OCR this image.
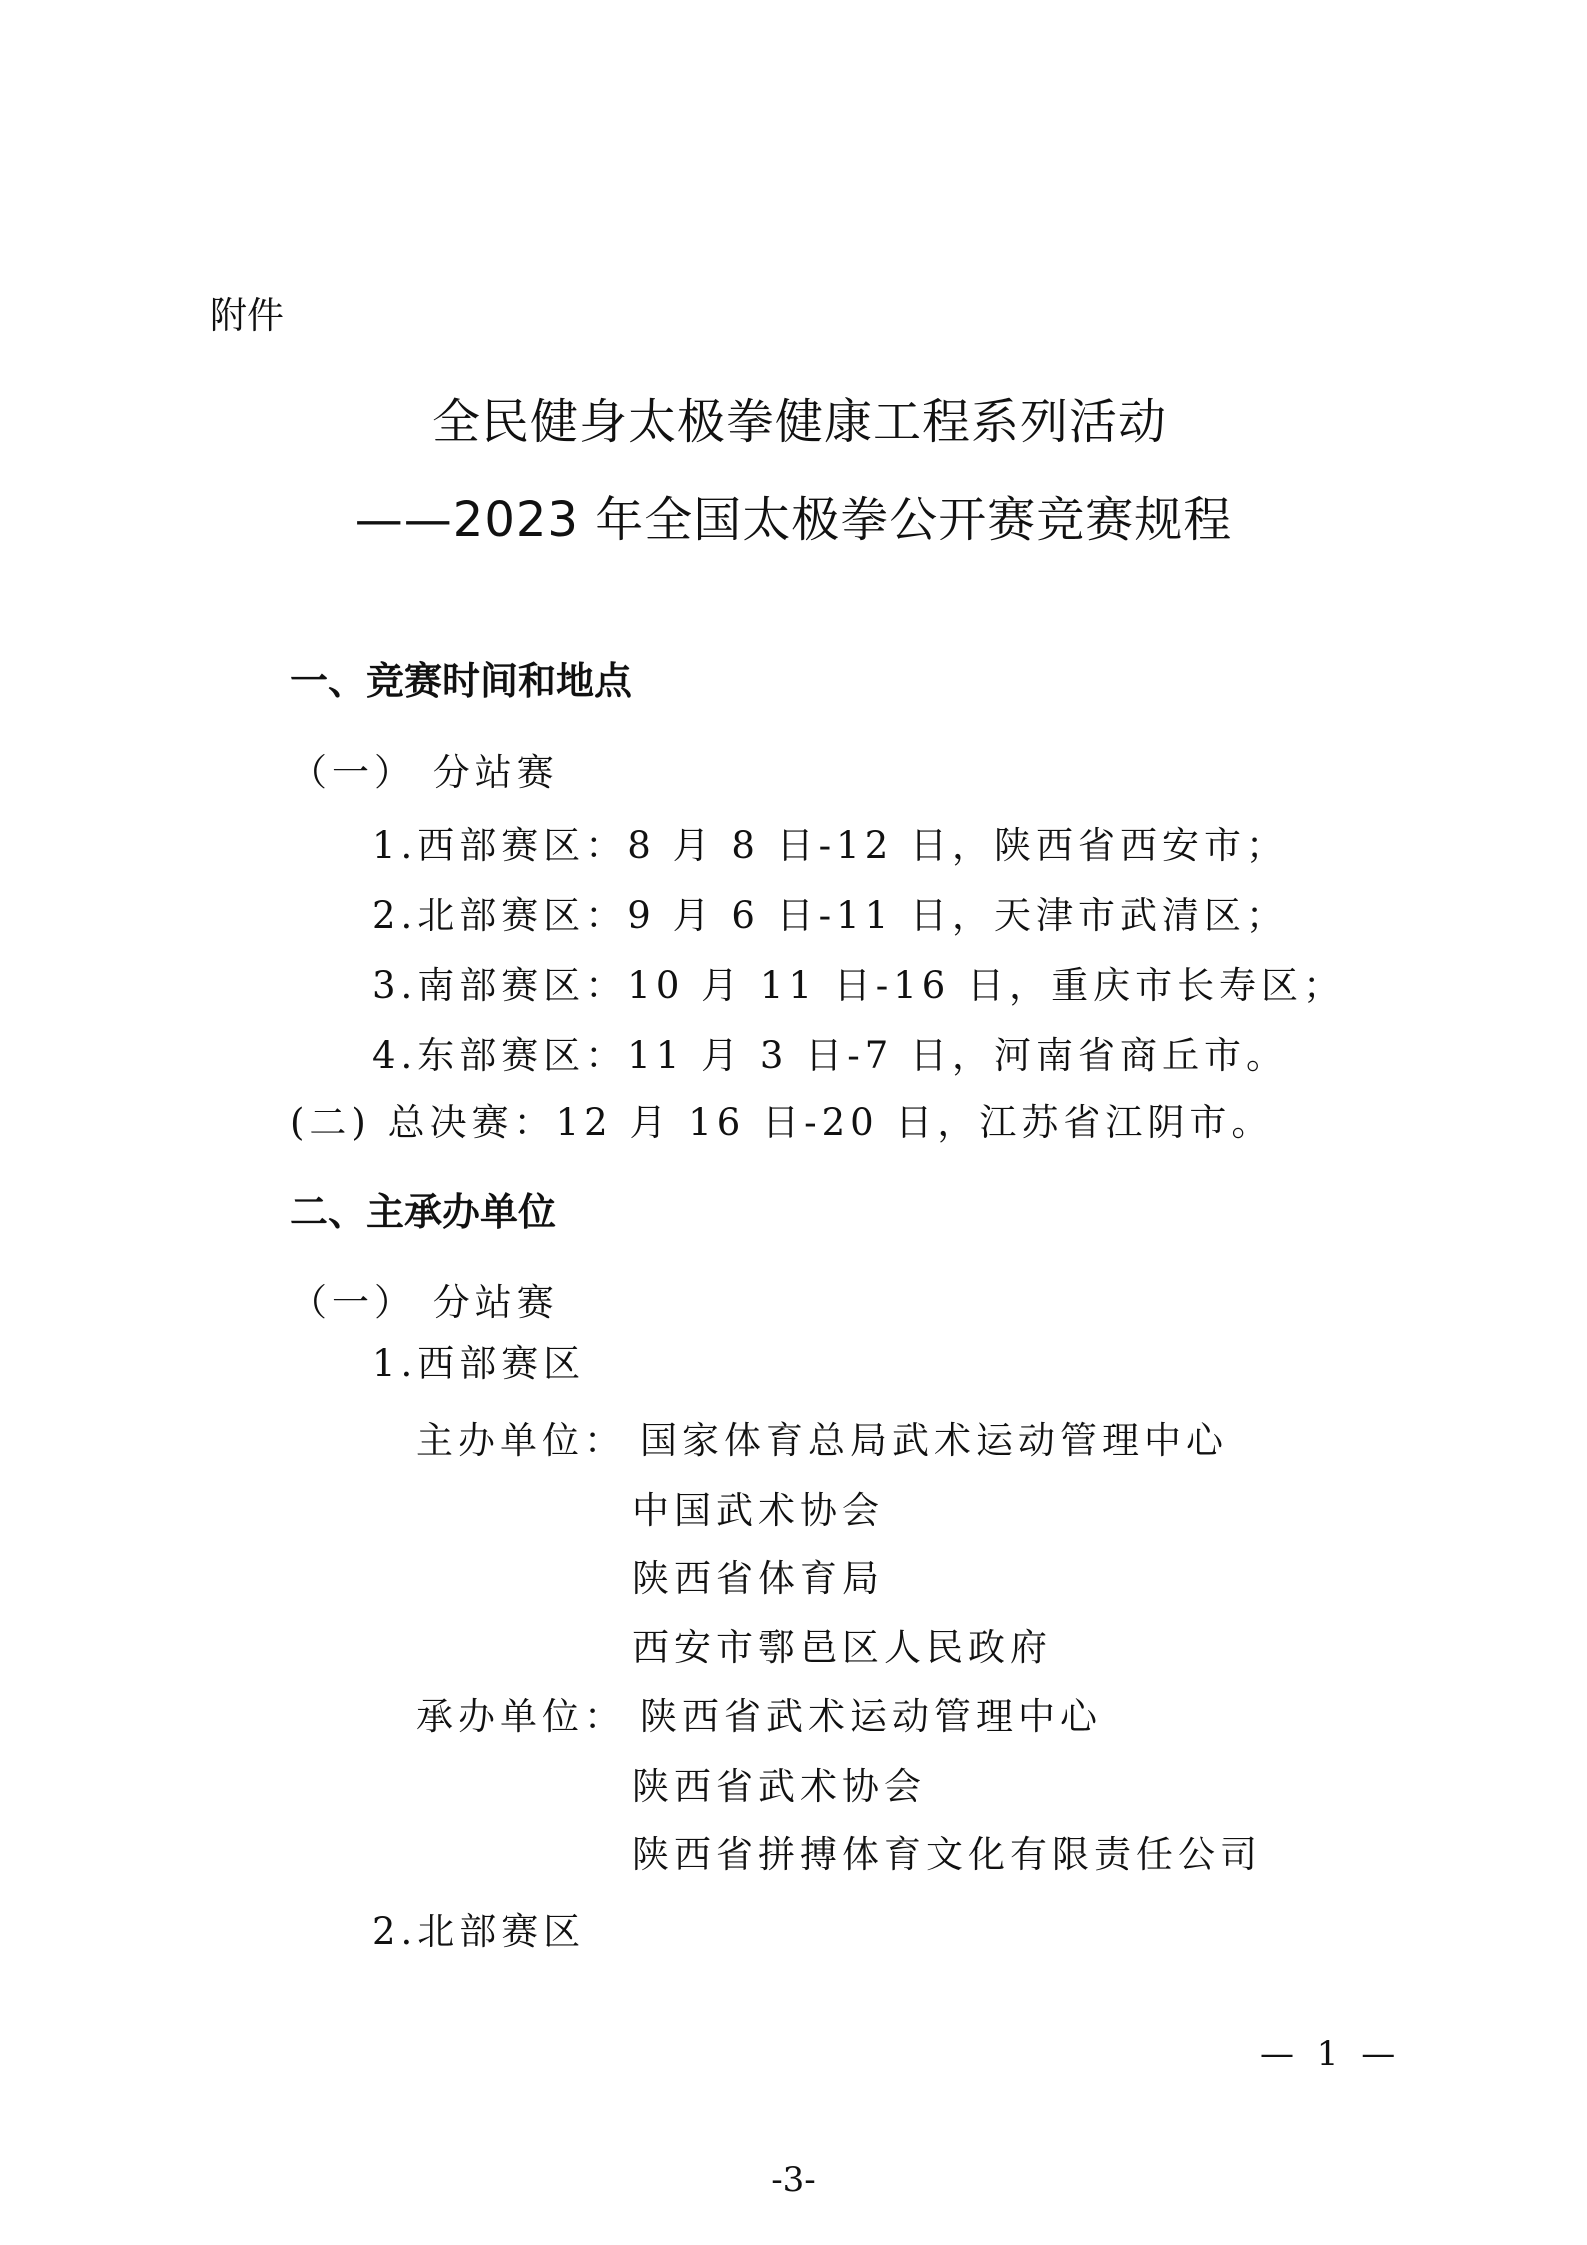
附件
全民健身太极拳健康工程系列活动
——2023 年全国太极拳公开赛竞赛规程
一、竞赛时间和地点
（一） 分站赛
1.西部赛区：8 月 8 日-12 日，陕西省西安市；
2.北部赛区：9 月 6 日-11 日，天津市武清区；
3.南部赛区：10 月 11 日-16 日，重庆市长寿区；
4.东部赛区：11 月 3 日-7 日，河南省商丘市。
(二) 总决赛：12 月 16 日-20 日，江苏省江阴市。
二、主承办单位
（一） 分站赛
1.西部赛区
主办单位： 国家体育总局武术运动管理中心
中国武术协会
陕西省体育局
西安市鄠邑区人民政府
承办单位： 陕西省武术运动管理中心
陕西省武术协会
陕西省拼搏体育文化有限责任公司
2.北部赛区
— 1 —
-3-
